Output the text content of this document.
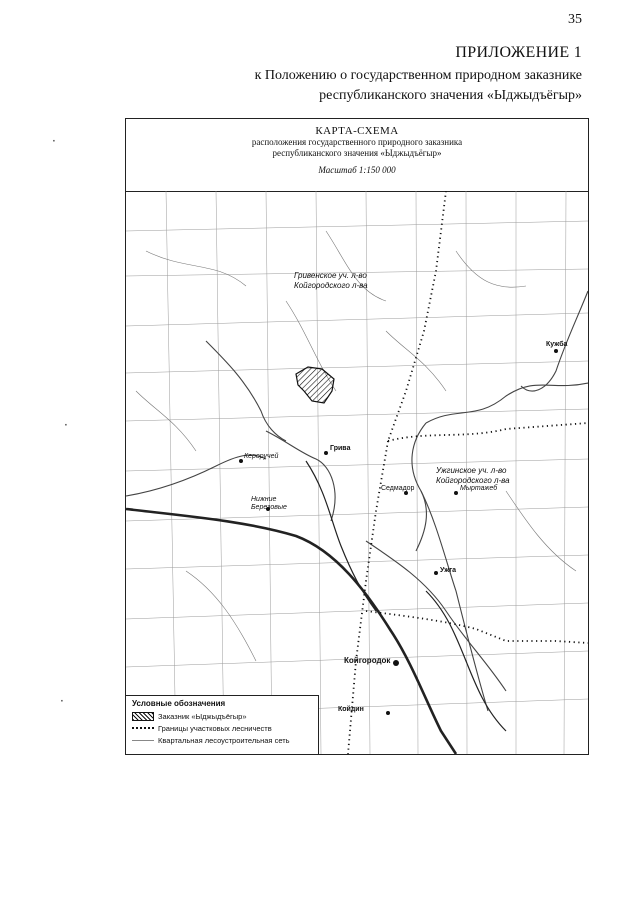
35
ПРИЛОЖЕНИЕ 1
к Положению о государственном природном заказнике
республиканского значения «Ыджыдъёгыр»
·
·
·
КАРТА-СХЕМА
расположения государственного природного заказника
республиканского значения «Ыджыдъёгыр»
Масштаб 1:150 000
Гривенское уч. л-во
Койгородского л-ва
Ужгинское уч. л-во
Койгородского л-ва
Гривa
Кероручей
Нижние
Березовые
Седмадор	Мыртажеб
Ужга
Койгородок
Койдин
Кужба
Условные обозначения
Заказник «Ыджыдъёгыр»
Границы участковых лесничеств
Квартальная лесоустроительная сеть
